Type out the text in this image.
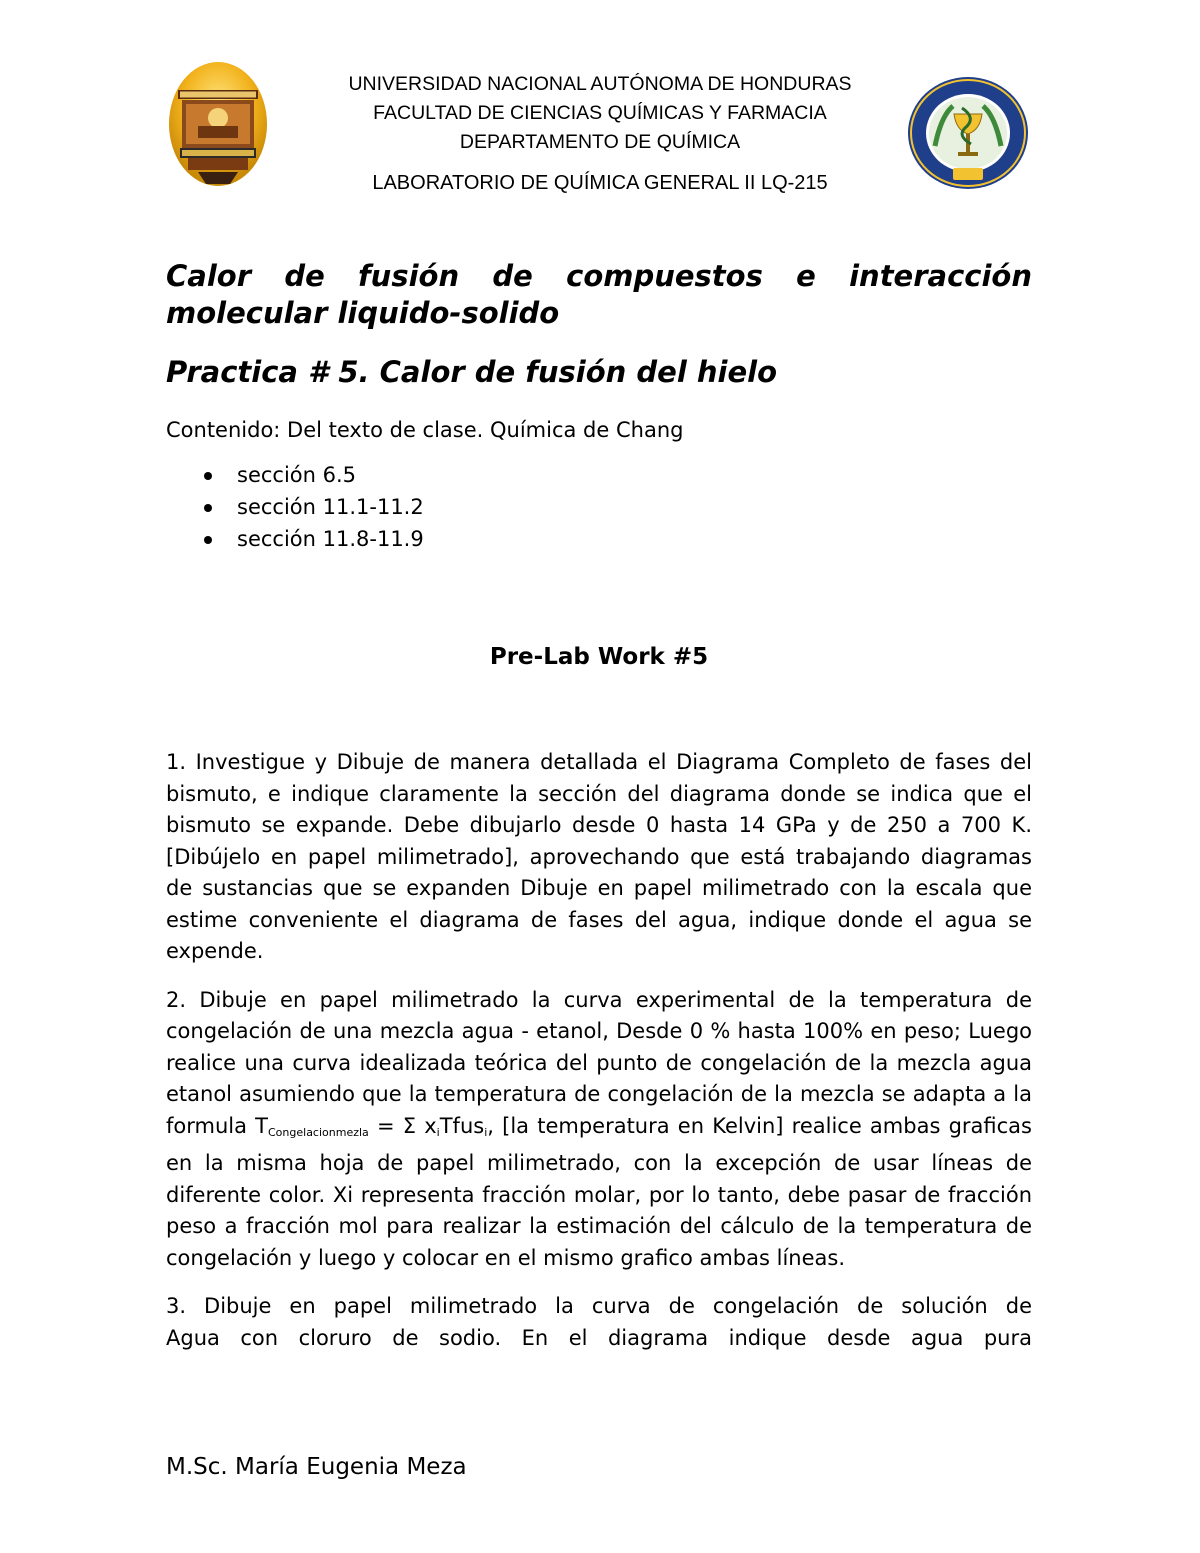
UNIVERSIDAD NACIONAL AUTÓNOMA DE HONDURAS
FACULTAD DE CIENCIAS QUÍMICAS Y FARMACIA
DEPARTAMENTO DE QUÍMICA
LABORATORIO DE QUÍMICA GENERAL II LQ-215
Calor de fusión de compuestos e interacción
molecular liquido-solido
Practica # 5. Calor de fusión del hielo

Contenido: Del texto de clase. Química de Chang

sección 6.5
sección 11.1-11.2
sección 11.8-11.9
Pre-Lab Work #5

1. Investigue y Dibuje de manera detallada el Diagrama Completo de fases del bismuto, e indique claramente la sección del diagrama donde se indica que el bismuto se expande. Debe dibujarlo desde 0 hasta 14 GPa y de 250 a 700 K. [Dibújelo en papel milimetrado], aprovechando que está trabajando diagramas de sustancias que se expanden Dibuje en papel milimetrado con la escala que estime conveniente el diagrama de fases del agua, indique donde el agua se expende.

2. Dibuje en papel milimetrado la curva experimental de la temperatura de congelación de una mezcla agua - etanol, Desde 0 % hasta 100% en peso; Luego realice una curva idealizada teórica del punto de congelación de la mezcla agua etanol asumiendo que la temperatura de congelación de la mezcla se adapta a la formula $T_{Congelacionmezla} = \Sigma$ $x_iTfus_i$, [la temperatura en Kelvin] realice ambas graficas en la misma hoja de papel milimetrado, con la excepción de usar líneas de diferente color. Xi representa fracción molar, por lo tanto, debe pasar de fracción peso a fracción mol para realizar la estimación del cálculo de la temperatura de congelación y luego y colocar en el mismo grafico ambas líneas.

3. Dibuje en papel milimetrado la curva de congelación de solución de
Agua con cloruro de sodio. En el diagrama indique desde agua pura

M.Sc. María Eugenia Meza
